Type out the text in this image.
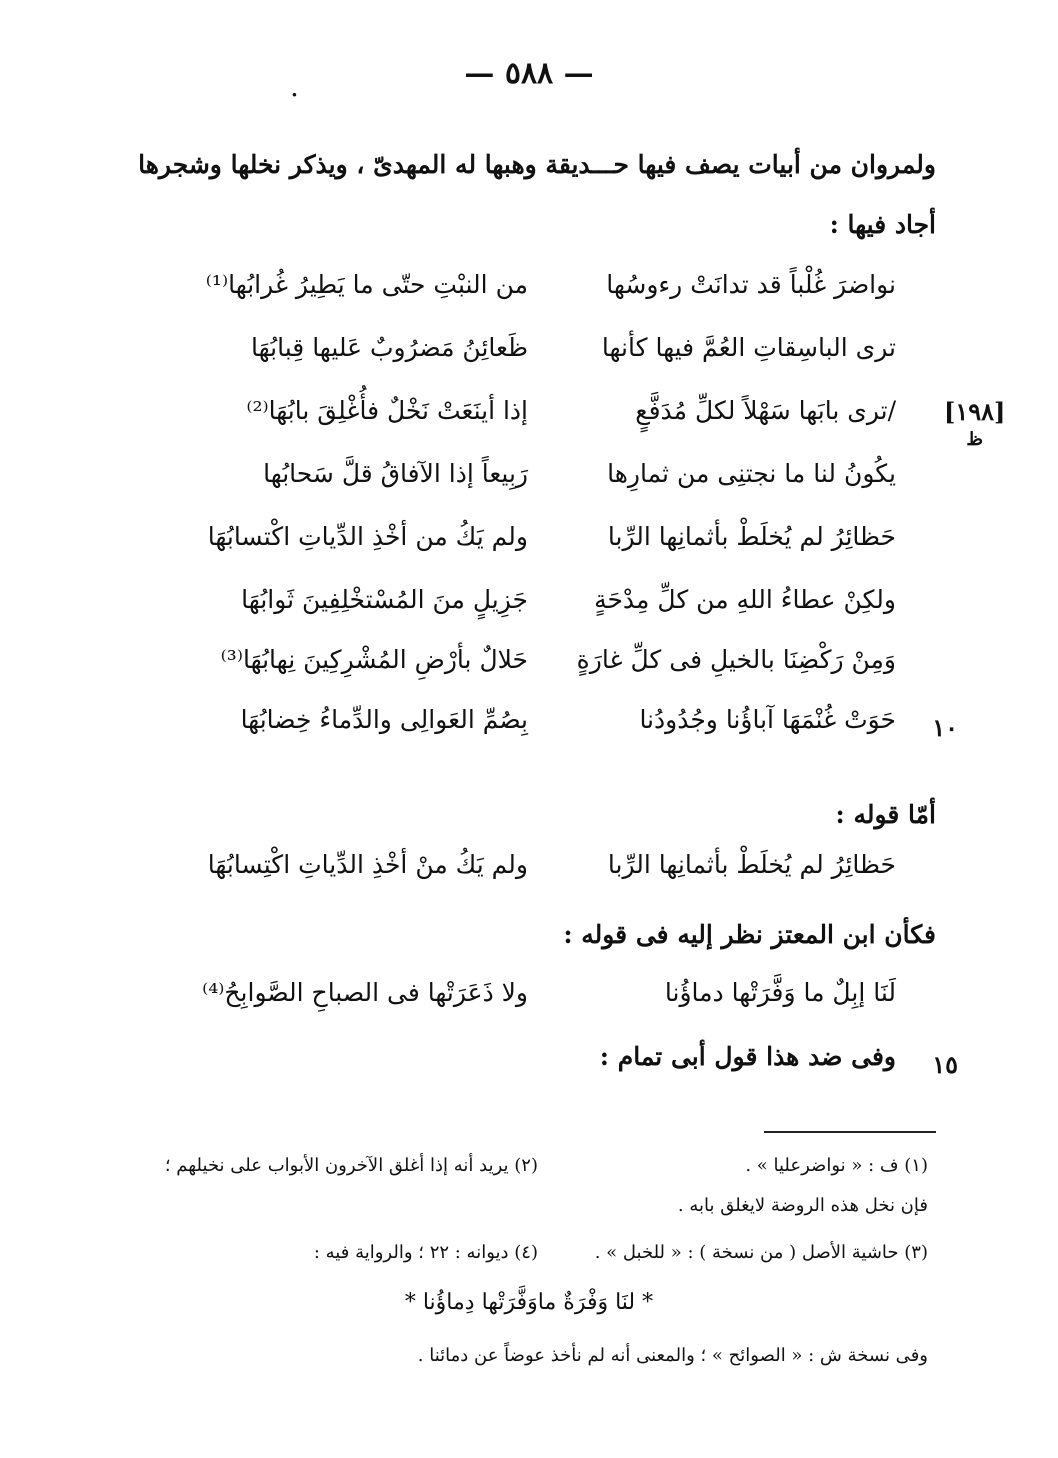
— ٥٨٨ —
.
ولمروان من أبيات يصف فيها حـــديقة وهبها له المهدىّ ، ويذكر نخلها وشجرها
أجاد فيها :
[١٩٨]
ظ
نواضرَ غُلْباً قد تدانَتْ رءوسُها
من النبْتِ حتّى ما يَطِيرُ غُرابُها⁽¹⁾
ترى الباسِقاتِ العُمَّ فيها كأنها
ظَعائِنُ مَضرُوبٌ عَليها قِبابُهَا
/ترى بابَها سَهْلاً لكلِّ مُدَفَّعٍ
إذا أينَعَتْ نَخْلٌ فأُغْلِقَ بابُهَا⁽²⁾
يكُونُ لنا ما نجتنِى من ثمارِها
رَبِيعاً إذا الآفاقُ قلَّ سَحابُها
حَظائِرُ لم يُخلَطْ بأثمانِها الرِّبا
ولم يَكُ من أخْذِ الدِّياتِ اكْتسابُهَا
ولكِنْ عطاءُ اللهِ من كلِّ مِدْحَةٍ
جَزِيلٍ منَ المُسْتخْلِفِينَ ثَوابُهَا
وَمِنْ رَكْضِنَا بالخيلِ فى كلِّ غارَةٍ
حَلالٌ بأرْضِ المُشْرِكِينَ نِهابُهَا⁽³⁾
١٠
حَوَتْ غُنْمَهَا آباؤُنا وجُدُودُنا
بِصُمِّ العَوالِى والدِّماءُ خِضابُهَا
أمّا قوله :
حَظائِرُ لم يُخلَطْ بأثمانِها الرِّبا
ولم يَكُ منْ أخْذِ الدِّياتِ اكْتِسابُهَا
فكأن ابن المعتز نظر إليه فى قوله :
لَنَا إبِلٌ ما وَفَّرَتْها دماؤُنا
ولا ذَعَرَتْها فى الصباحِ الصَّوابِحُ⁽⁴⁾
١٥
وفى ضد هذا قول أبى تمام :
(١) ف : « نواضرعليا » .
(٢) يريد أنه إذا أغلق الآخرون الأبواب على نخيلهم ؛
فإن نخل هذه الروضة لايغلق بابه .
(٣) حاشية الأصل ( من نسخة ) : « للخبل » .
(٤) ديوانه : ٢٢ ؛ والرواية فيه :
* لنَا وَفْرَةٌ ماوَفَّرَتْها دِماؤُنا *
وفى نسخة ش : « الصوائح » ؛ والمعنى أنه لم نأخذ عوضاً عن دمائنا .
